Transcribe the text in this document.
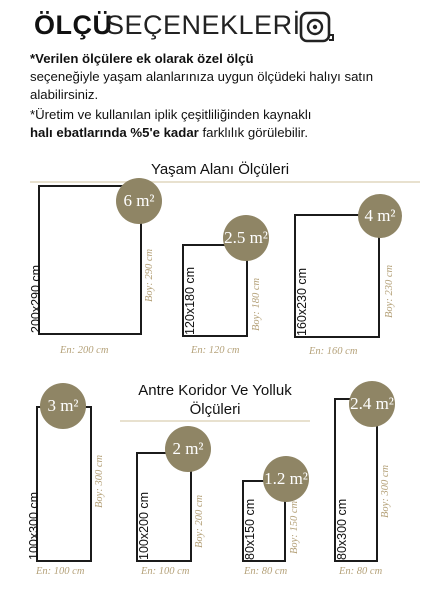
ÖLÇÜ
SEÇENEKLERİ
*Verilen ölçülere ek olarak özel ölçü
seçeneğiyle yaşam alanlarınıza uygun ölçüdeki halıyı satın alabilirsiniz.
*Üretim ve kullanılan iplik çeşitliliğinden kaynaklı
halı ebatlarında %5'e kadar farklılık görülebilir.
Yaşam Alanı Ölçüleri
200x290 cm	Boy: 290 cm
En: 200 cm
6 m²
120x180 cm	Boy: 180 cm
En: 120 cm
2.5 m²
160x230 cm	Boy: 230 cm
En: 160 cm
4 m²
Antre Koridor Ve Yolluk
Ölçüleri
100x300 cm
Boy: 300 cm
En: 100 cm
3 m²
100x200 cm	Boy: 200 cm
En: 100 cm
2 m²
80x150 cm	Boy: 150 cm
En: 80 cm
1.2 m²
80x300 cm
Boy: 300 cm
En: 80 cm
2.4 m²
